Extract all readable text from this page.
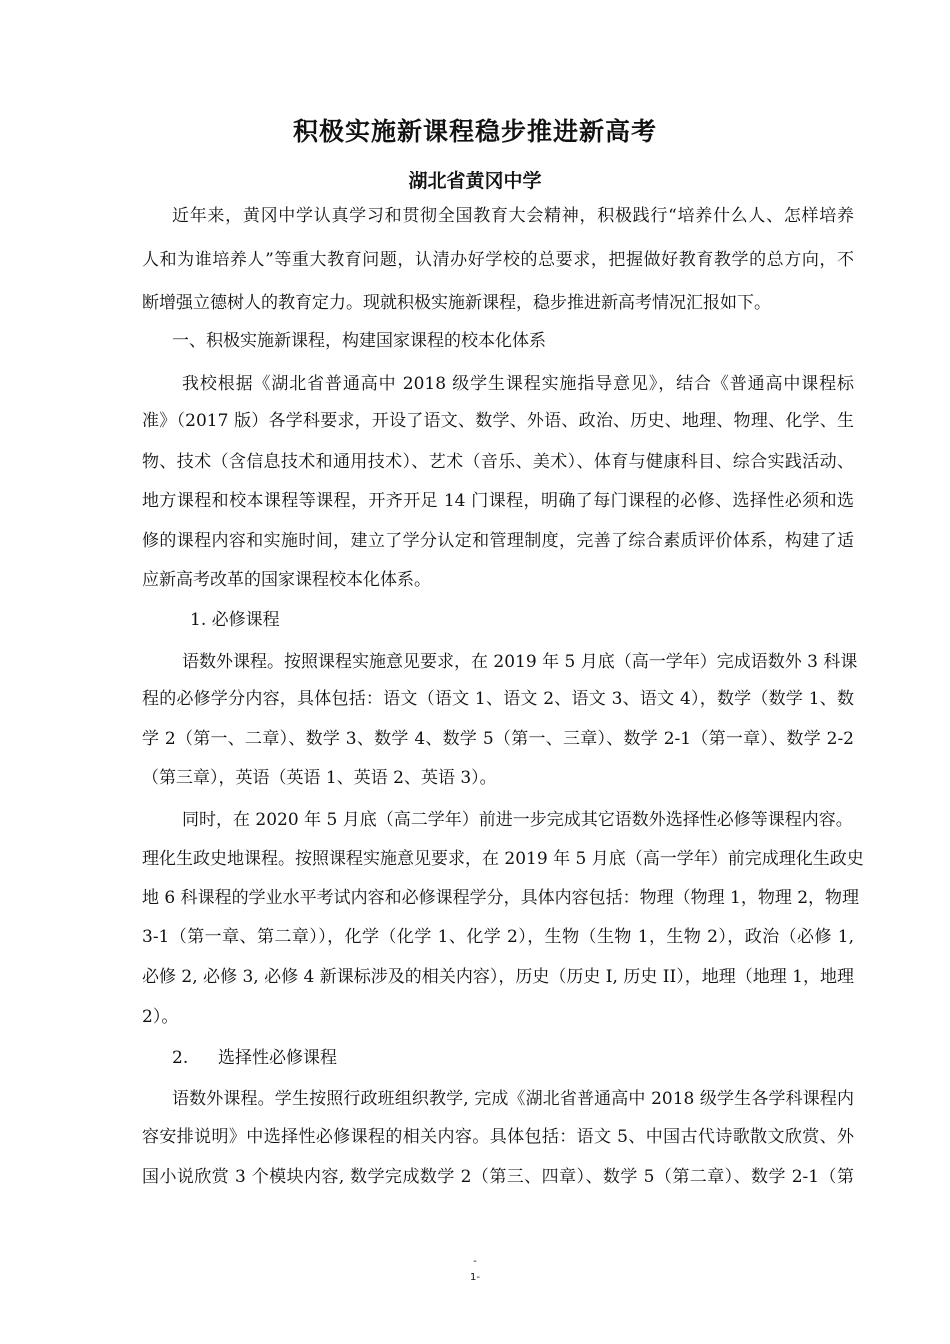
积极实施新课程稳步推进新高考
湖北省黄冈中学
近年来，黄冈中学认真学习和贯彻全国教育大会精神，积极践行“培养什么人、怎样培养
人和为谁培养人”等重大教育问题，认清办好学校的总要求，把握做好教育教学的总方向，不
断增强立德树人的教育定力。现就积极实施新课程，稳步推进新高考情况汇报如下。
一、积极实施新课程，构建国家课程的校本化体系
我校根据《湖北省普通高中 2018 级学生课程实施指导意见》，结合《普通高中课程标
准》（2017 版）各学科要求，开设了语文、数学、外语、政治、历史、地理、物理、化学、生
物、技术（含信息技术和通用技术）、艺术（音乐、美术）、体育与健康科目、综合实践活动、
地方课程和校本课程等课程，开齐开足 14 门课程，明确了每门课程的必修、选择性必须和选
修的课程内容和实施时间，建立了学分认定和管理制度，完善了综合素质评价体系，构建了适
应新高考改革的国家课程校本化体系。
1. 必修课程
语数外课程。按照课程实施意见要求，在 2019 年 5 月底（高一学年）完成语数外 3 科课
程的必修学分内容，具体包括：语文（语文 1、语文 2、语文 3、语文 4），数学（数学 1、数
学 2（第一、二章）、数学 3、数学 4、数学 5（第一、三章）、数学 2-1（第一章）、数学 2-2
（第三章），英语（英语 1、英语 2、英语 3）。
同时，在 2020 年 5 月底（高二学年）前进一步完成其它语数外选择性必修等课程内容。
理化生政史地课程。按照课程实施意见要求，在 2019 年 5 月底（高一学年）前完成理化生政史
地 6 科课程的学业水平考试内容和必修课程学分，具体内容包括：物理（物理 1，物理 2，物理
3-1（第一章、第二章）），化学（化学 1、化学 2），生物（生物 1，生物 2），政治（必修 1,
必修 2, 必修 3, 必修 4 新课标涉及的相关内容），历史（历史 I, 历史 II），地理（地理 1，地理
2）。
2. 选择性必修课程
语数外课程。学生按照行政班组织教学, 完成《湖北省普通高中 2018 级学生各学科课程内
容安排说明》中选择性必修课程的相关内容。具体包括：语文 5、中国古代诗歌散文欣赏、外
国小说欣赏 3 个模块内容, 数学完成数学 2（第三、四章）、数学 5（第二章）、数学 2-1（第
-
1-
